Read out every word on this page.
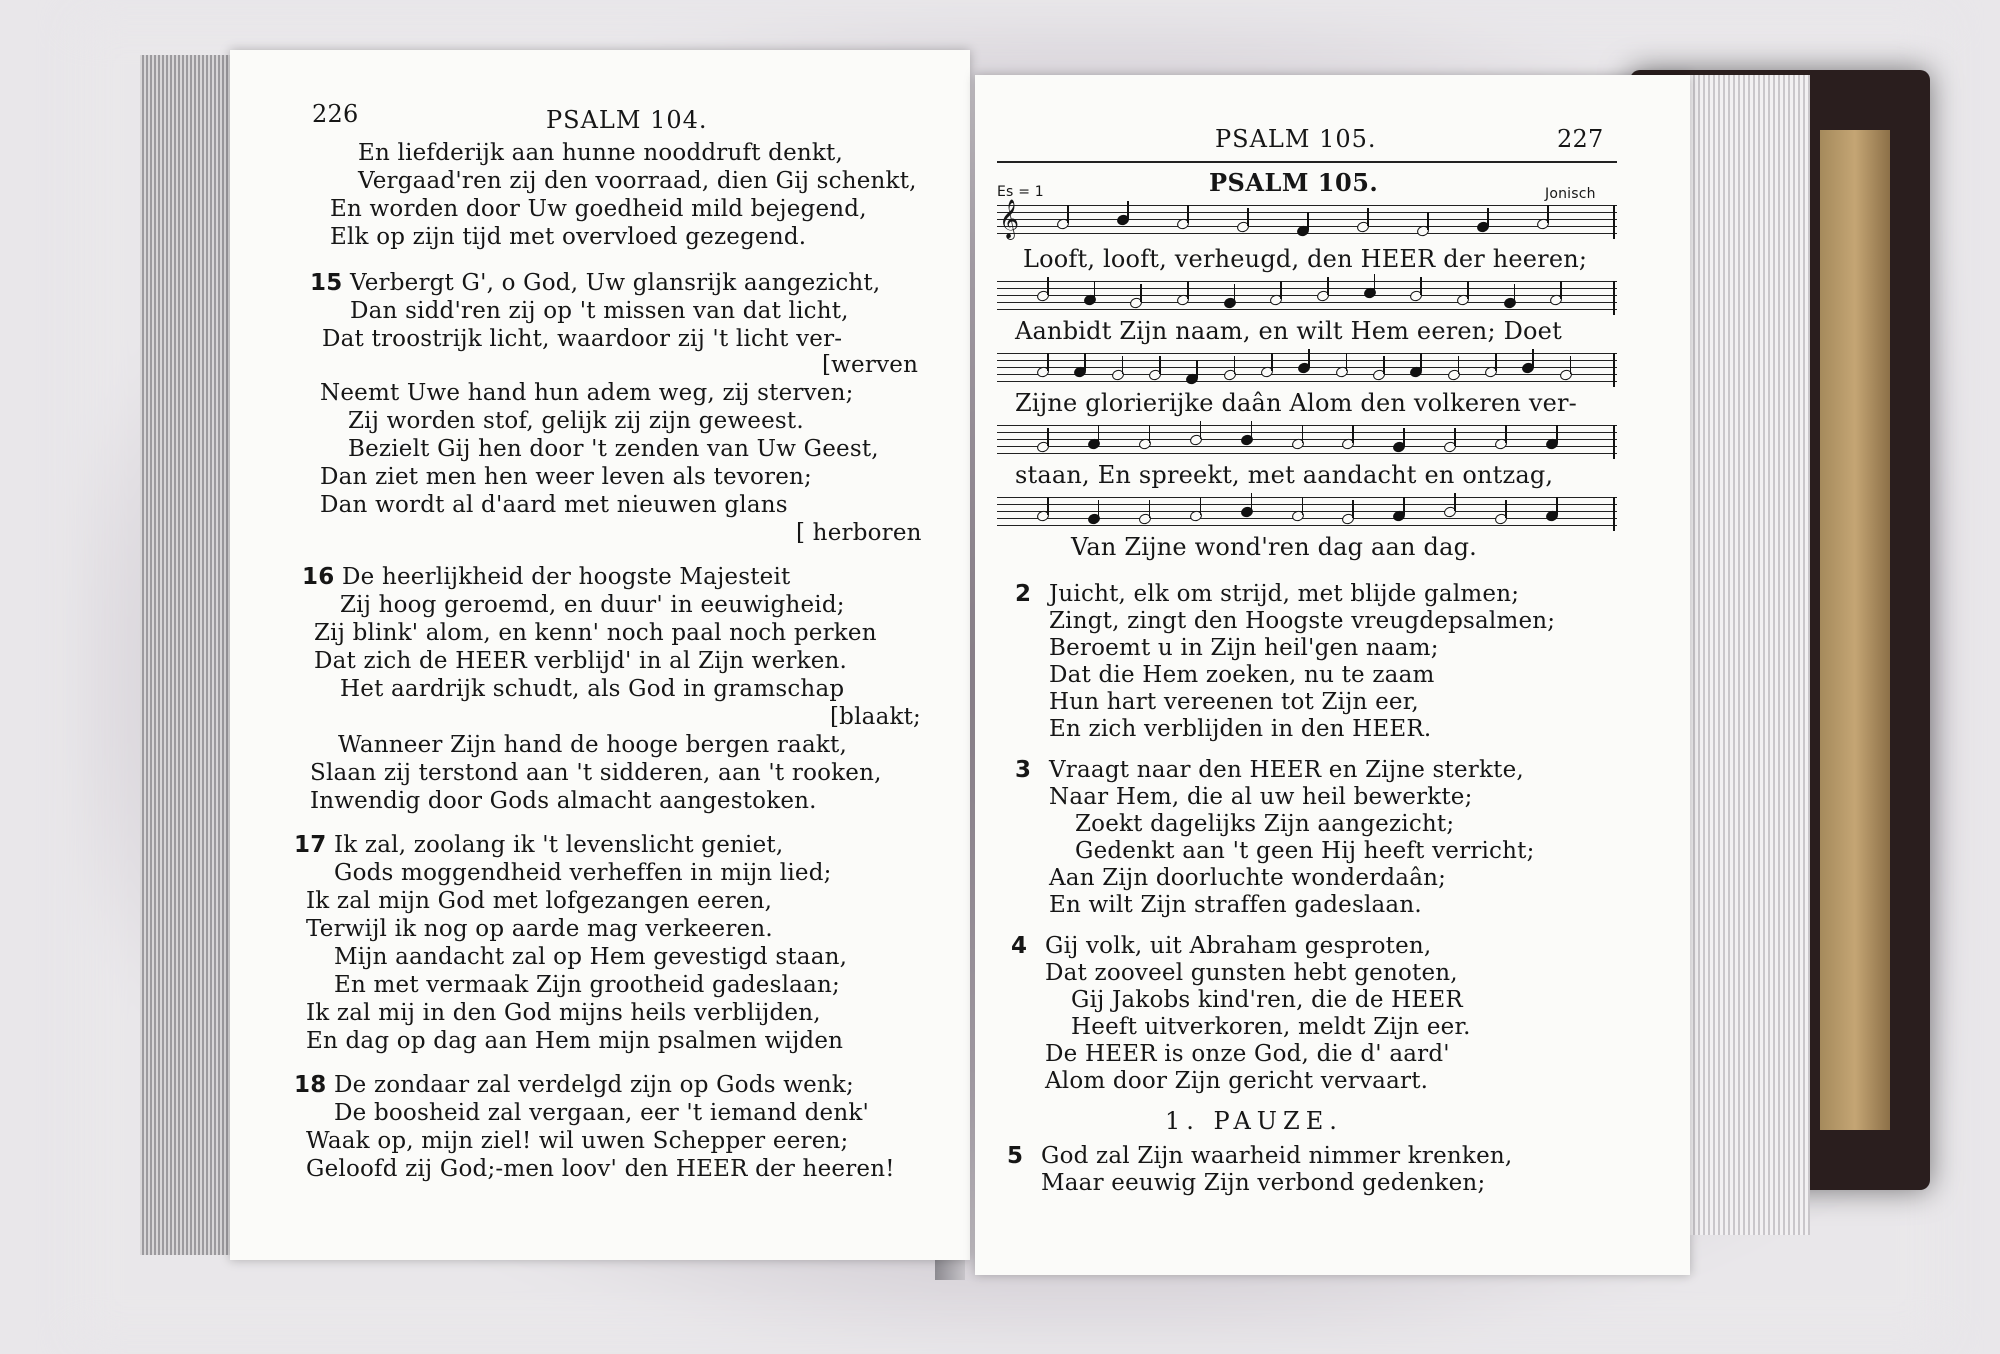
226	PSALM 104.
En liefderijk aan hunne nooddruft denkt,
Vergaad'ren zij den voorraad, dien Gij schenkt,
En worden door Uw goedheid mild bejegend,
Elk op zijn tijd met overvloed gezegend.
15 Verbergt G', o God, Uw glansrijk aangezicht,
Dan sidd'ren zij op 't missen van dat licht,
Dat troostrijk licht, waardoor zij 't licht ver-
[werven
Neemt Uwe hand hun adem weg, zij sterven;
Zij worden stof, gelijk zij zijn geweest.
Bezielt Gij hen door 't zenden van Uw Geest,
Dan ziet men hen weer leven als tevoren;
Dan wordt al d'aard met nieuwen glans
[ herboren
16 De heerlijkheid der hoogste Majesteit
Zij hoog geroemd, en duur' in eeuwigheid;
Zij blink' alom, en kenn' noch paal noch perken
Dat zich de HEER verblijd' in al Zijn werken.
Het aardrijk schudt, als God in gramschap
[blaakt;
Wanneer Zijn hand de hooge bergen raakt,
Slaan zij terstond aan 't sidderen, aan 't rooken,
Inwendig door Gods almacht aangestoken.
17 Ik zal, zoolang ik 't levenslicht geniet,
Gods moggendheid verheffen in mijn lied;
Ik zal mijn God met lofgezangen eeren,
Terwijl ik nog op aarde mag verkeeren.
Mijn aandacht zal op Hem gevestigd staan,
En met vermaak Zijn grootheid gadeslaan;
Ik zal mij in den God mijns heils verblijden,
En dag op dag aan Hem mijn psalmen wijden
18 De zondaar zal verdelgd zijn op Gods wenk;
De boosheid zal vergaan, eer 't iemand denk'
Waak op, mijn ziel! wil uwen Schepper eeren;
Geloofd zij God;-men loov' den HEER der heeren!
PSALM 105.	227
PSALM 105.
Es = 1	Jonisch
𝄞
Looft, looft, verheugd, den HEER der heeren;
Aanbidt Zijn naam, en wilt Hem eeren; Doet
Zijne glorierijke daân Alom den volkeren ver-
staan, En spreekt, met aandacht en ontzag,
Van Zijne wond'ren dag aan dag.
2 Juicht, elk om strijd, met blijde galmen;
Zingt, zingt den Hoogste vreugdepsalmen;
Beroemt u in Zijn heil'gen naam;
Dat die Hem zoeken, nu te zaam
Hun hart vereenen tot Zijn eer,
En zich verblijden in den HEER.
3 Vraagt naar den HEER en Zijne sterkte,
Naar Hem, die al uw heil bewerkte;
Zoekt dagelijks Zijn aangezicht;
Gedenkt aan 't geen Hij heeft verricht;
Aan Zijn doorluchte wonderdaân;
En wilt Zijn straffen gadeslaan.
4 Gij volk, uit Abraham gesproten,
Dat zooveel gunsten hebt genoten,
Gij Jakobs kind'ren, die de HEER
Heeft uitverkoren, meldt Zijn eer.
De HEER is onze God, die d' aard'
Alom door Zijn gericht vervaart.
1. PAUZE.
5 God zal Zijn waarheid nimmer krenken,
Maar eeuwig Zijn verbond gedenken;
